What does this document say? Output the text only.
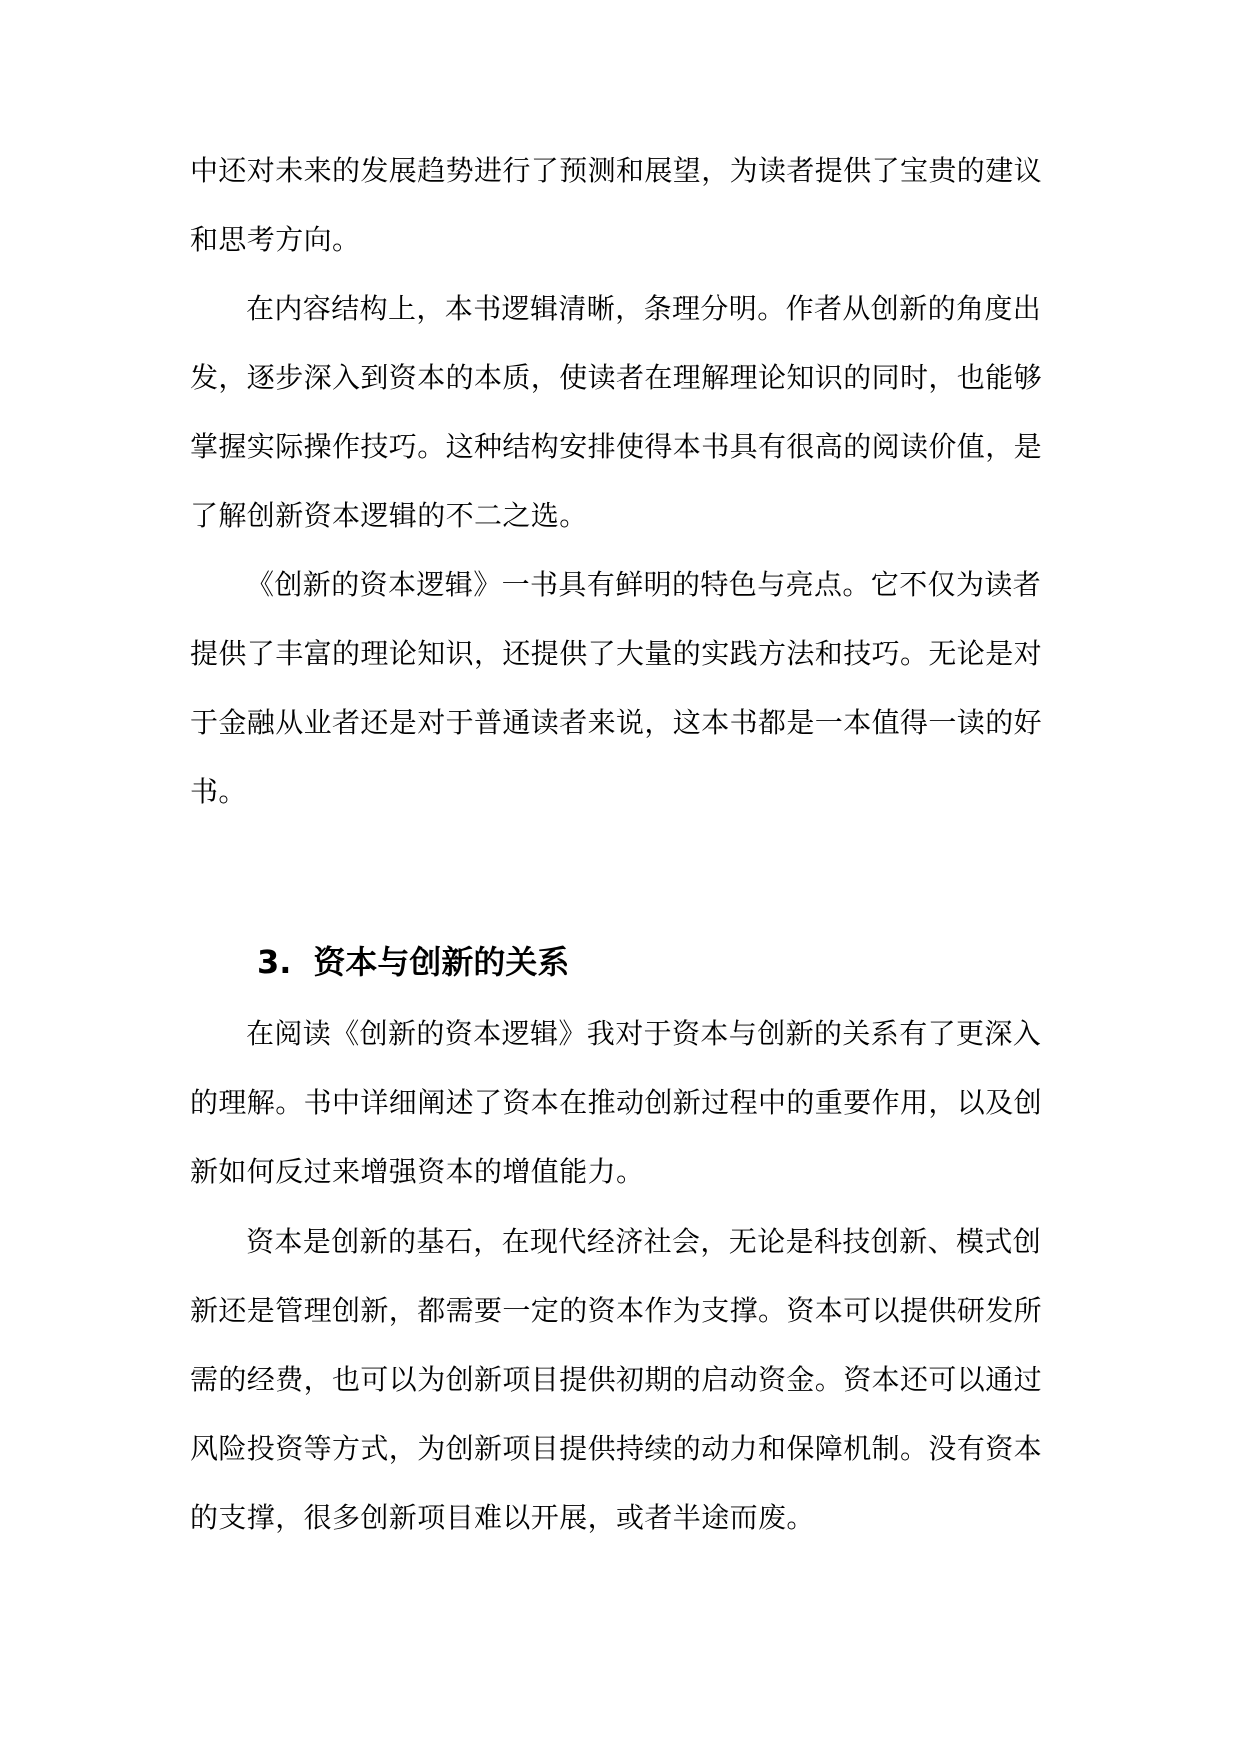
中还对未来的发展趋势进行了预测和展望，为读者提供了宝贵的建议
和思考方向。
在内容结构上，本书逻辑清晰，条理分明。作者从创新的角度出
发，逐步深入到资本的本质，使读者在理解理论知识的同时，也能够
掌握实际操作技巧。这种结构安排使得本书具有很高的阅读价值，是
了解创新资本逻辑的不二之选。
《创新的资本逻辑》一书具有鲜明的特色与亮点。它不仅为读者
提供了丰富的理论知识，还提供了大量的实践方法和技巧。无论是对
于金融从业者还是对于普通读者来说，这本书都是一本值得一读的好
书。
3. 资本与创新的关系
在阅读《创新的资本逻辑》我对于资本与创新的关系有了更深入
的理解。书中详细阐述了资本在推动创新过程中的重要作用，以及创
新如何反过来增强资本的增值能力。
资本是创新的基石，在现代经济社会，无论是科技创新、模式创
新还是管理创新，都需要一定的资本作为支撑。资本可以提供研发所
需的经费，也可以为创新项目提供初期的启动资金。资本还可以通过
风险投资等方式，为创新项目提供持续的动力和保障机制。没有资本
的支撑，很多创新项目难以开展，或者半途而废。
